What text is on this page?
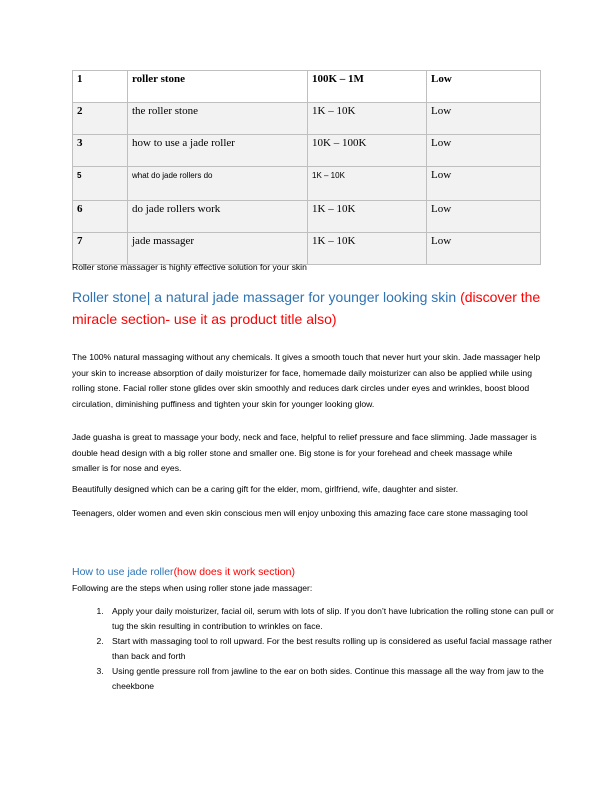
1	roller stone	100K – 1M	Low
2	the roller stone	1K – 10K	Low
3	how to use a jade roller	10K – 100K	Low
5	what do jade rollers do	1K – 10K	Low
6	do jade rollers work	1K – 10K	Low
7	jade massager	1K – 10K	Low
Roller stone massager is highly effective solution for your skin
Roller stone| a natural jade massager for younger looking skin (discover the miracle section- use it as product title also)
The 100% natural massaging without any chemicals. It gives a smooth touch that never hurt your skin. Jade massager help your skin to increase absorption of daily moisturizer for face, homemade daily moisturizer can also be applied while using rolling stone. Facial roller stone glides over skin smoothly and reduces dark circles under eyes and wrinkles, boost blood circulation, diminishing puffiness and tighten your skin for younger looking glow.
Jade guasha is great to massage your body, neck and face, helpful to relief pressure and face slimming. Jade massager is double head design with a big roller stone and smaller one. Big stone is for your forehead and cheek massage while smaller is for nose and eyes.
Beautifully designed which can be a caring gift for the elder, mom, girlfriend, wife, daughter and sister.
Teenagers, older women and even skin conscious men will enjoy unboxing this amazing face care stone massaging tool
How to use jade roller(how does it work section)
Following are the steps when using roller stone jade massager:
1. Apply your daily moisturizer, facial oil, serum with lots of slip. If you don’t have lubrication the rolling stone can pull or tug the skin resulting in contribution to wrinkles on face.
2. Start with massaging tool to roll upward. For the best results rolling up is considered as useful facial massage rather than back and forth
3. Using gentle pressure roll from jawline to the ear on both sides. Continue this massage all the way from jaw to the cheekbone
